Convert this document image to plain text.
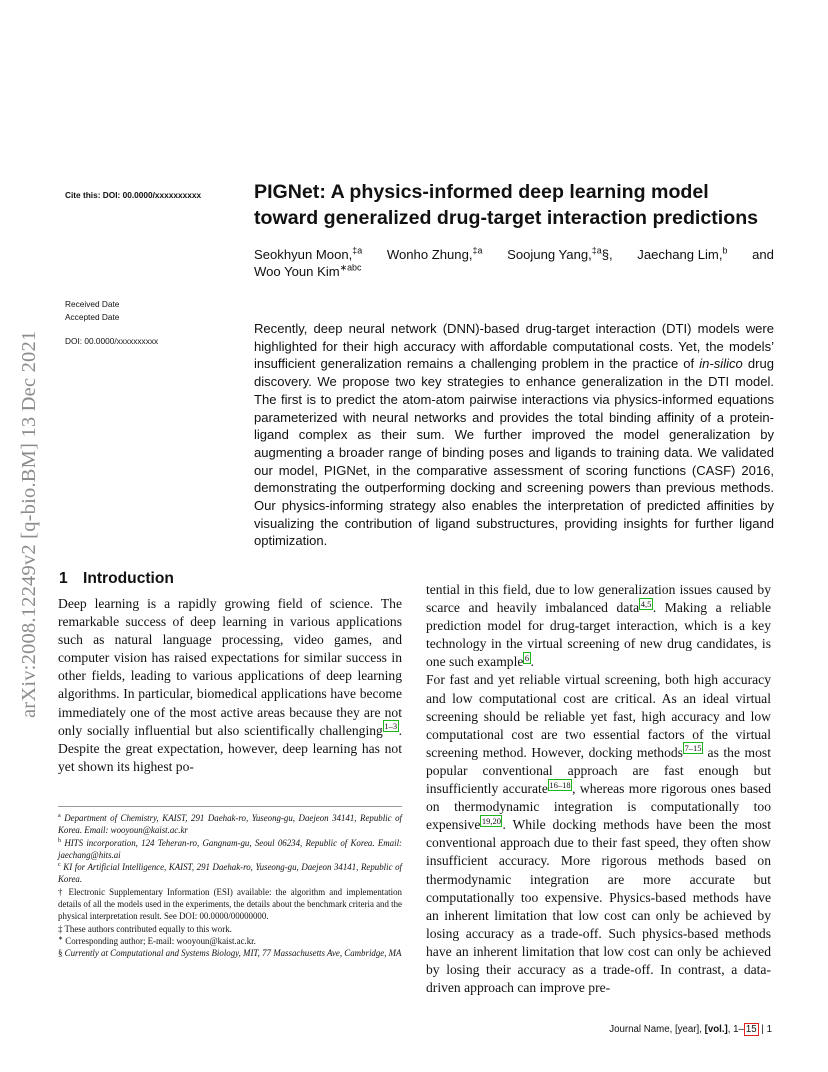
arXiv:2008.12249v2 [q-bio.BM] 13 Dec 2021
Cite this: DOI: 00.0000/xxxxxxxxxx
Received Date
Accepted Date
DOI: 00.0000/xxxxxxxxxx
PIGNet: A physics-informed deep learning model toward generalized drug-target interaction predictions
Seokhyun Moon,$^{\ddagger a}$ Wonho Zhung,$^{\ddagger a}$ Soojung Yang,$^{\ddagger a}$§, Jaechang Lim,$^b$ and
Woo Youn Kim$^{∗abc}$
Recently, deep neural network (DNN)-based drug-target interaction (DTI) models were highlighted for their high accuracy with affordable computational costs. Yet, the models’ insufficient generalization remains a challenging problem in the practice of in-silico drug discovery. We propose two key strategies to enhance generalization in the DTI model. The first is to predict the atom-atom pairwise interactions via physics-informed equations parameterized with neural networks and provides the total binding affinity of a protein-ligand complex as their sum. We further improved the model generalization by augmenting a broader range of binding poses and ligands to training data. We validated our model, PIGNet, in the comparative assessment of scoring functions (CASF) 2016, demonstrating the outperforming docking and screening powers than previous methods. Our physics-informing strategy also enables the interpretation of predicted affinities by visualizing the contribution of ligand substructures, providing insights for further ligand optimization.
1 Introduction

Deep learning is a rapidly growing field of science. The remarkable success of deep learning in various applications such as natural language processing, video games, and computer vision has raised expectations for similar success in other fields, leading to various applications of deep learning algorithms. In particular, biomedical applications have become immediately one of the most active areas because they are not only socially influential but also scientifically challenging $^{1-3}$ . Despite the great expectation, however, deep learning has not yet shown its highest po-

tential in this field, due to low generalization issues caused by scarce and heavily imbalanced data $^{4,5}$ . Making a reliable prediction model for drug-target interaction, which is a key technology in the virtual screening of new drug candidates, is one such example $^6$ .

For fast and yet reliable virtual screening, both high accuracy and low computational cost are critical. As an ideal virtual screening should be reliable yet fast, high accuracy and low computational cost are two essential factors of the virtual screening method. However, docking methods $^{7-15}$ as the most popular conventional approach are fast enough but insufficiently accurate $^{16-18}$ , whereas more rigorous ones based on thermodynamic integration is computationally too expensive $^{19,20}$ . While docking methods have been the most conventional approach due to their fast speed, they often show insufficient accuracy. More rigorous methods based on thermodynamic integration are more accurate but computationally too expensive. Physics-based methods have an inherent limitation that low cost can only be achieved by losing accuracy as a trade-off. Such physics-based methods have an inherent limitation that low cost can only be achieved by losing their accuracy as a trade-off. In contrast, a data-driven approach can improve pre-

$^a$ Department of Chemistry, KAIST, 291 Daehak-ro, Yuseong-gu, Daejeon 34141, Republic of Korea. Email: wooyoun@kaist.ac.kr
$^b$ HITS incorporation, 124 Teheran-ro, Gangnam-gu, Seoul 06234, Republic of Korea. Email: jaechang@hits.ai
$^c$ KI for Artificial Intelligence, KAIST, 291 Daehak-ro, Yuseong-gu, Daejeon 34141, Republic of Korea.
† Electronic Supplementary Information (ESI) available: the algorithm and implementation details of all the models used in the experiments, the details about the benchmark criteria and the physical interpretation result. See DOI: 00.0000/00000000.
‡ These authors contributed equally to this work.
∗ Corresponding author; E-mail: wooyoun@kaist.ac.kr.
§ Currently at Computational and Systems Biology, MIT, 77 Massachusetts Ave, Cambridge, MA
Journal Name, [year], [vol.], 1– 15 | 1
